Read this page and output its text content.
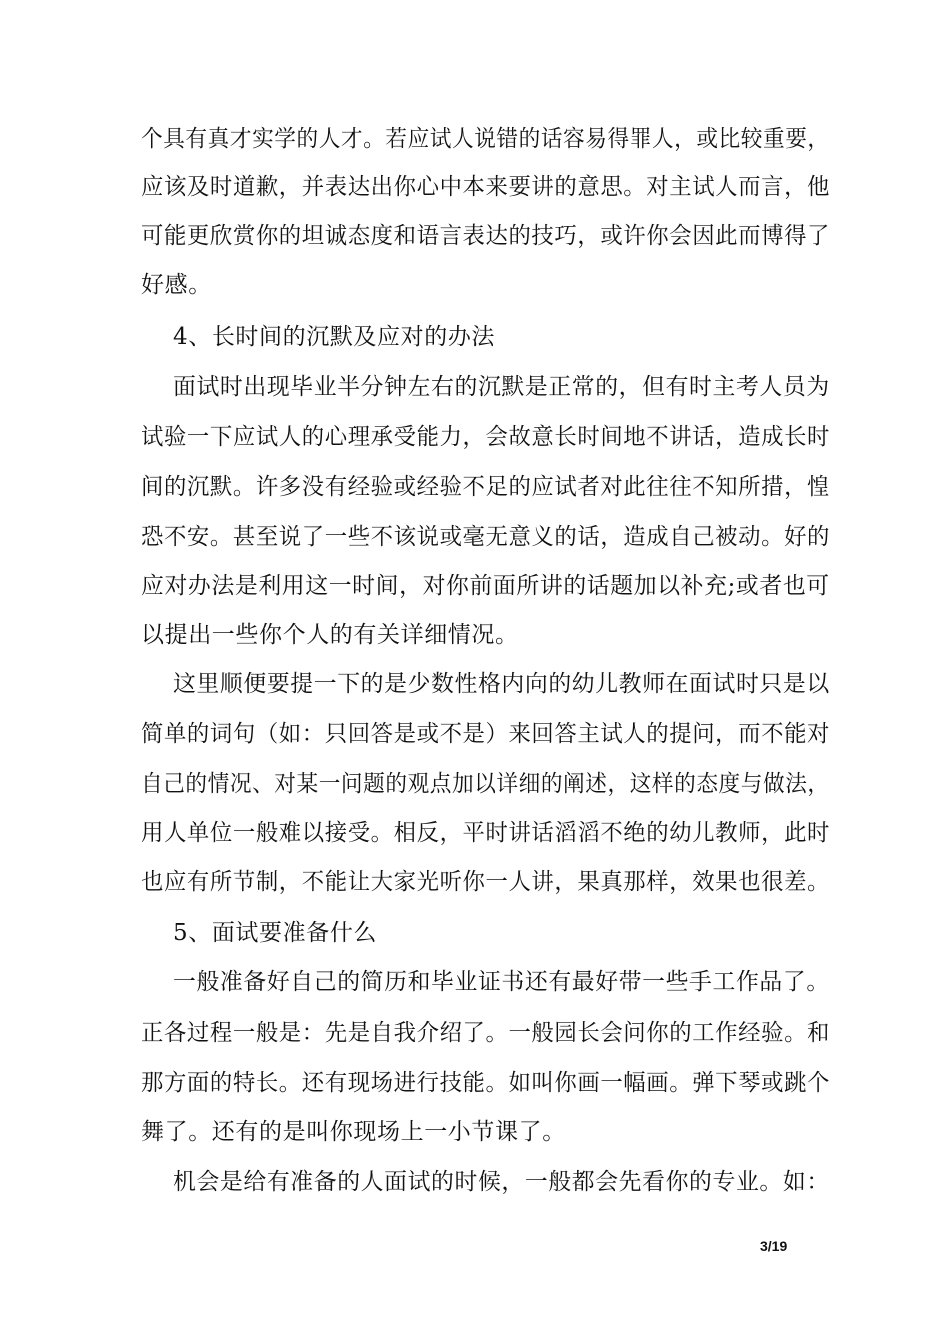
个具有真才实学的人才。若应试人说错的话容易得罪人，或比较重要，
应该及时道歉，并表达出你心中本来要讲的意思。对主试人而言，他
可能更欣赏你的坦诚态度和语言表达的技巧，或许你会因此而博得了
好感。
4、长时间的沉默及应对的办法
面试时出现毕业半分钟左右的沉默是正常的，但有时主考人员为
试验一下应试人的心理承受能力，会故意长时间地不讲话，造成长时
间的沉默。许多没有经验或经验不足的应试者对此往往不知所措，惶
恐不安。甚至说了一些不该说或毫无意义的话，造成自己被动。好的
应对办法是利用这一时间，对你前面所讲的话题加以补充;或者也可
以提出一些你个人的有关详细情况。
这里顺便要提一下的是少数性格内向的幼儿教师在面试时只是以
简单的词句（如：只回答是或不是）来回答主试人的提问，而不能对
自己的情况、对某一问题的观点加以详细的阐述，这样的态度与做法，
用人单位一般难以接受。相反，平时讲话滔滔不绝的幼儿教师，此时
也应有所节制，不能让大家光听你一人讲，果真那样，效果也很差。
5、面试要准备什么
一般准备好自己的简历和毕业证书还有最好带一些手工作品了。
正各过程一般是：先是自我介绍了。一般园长会问你的工作经验。和
那方面的特长。还有现场进行技能。如叫你画一幅画。弹下琴或跳个
舞了。还有的是叫你现场上一小节课了。
机会是给有准备的人面试的时候，一般都会先看你的专业。如：
3/19
